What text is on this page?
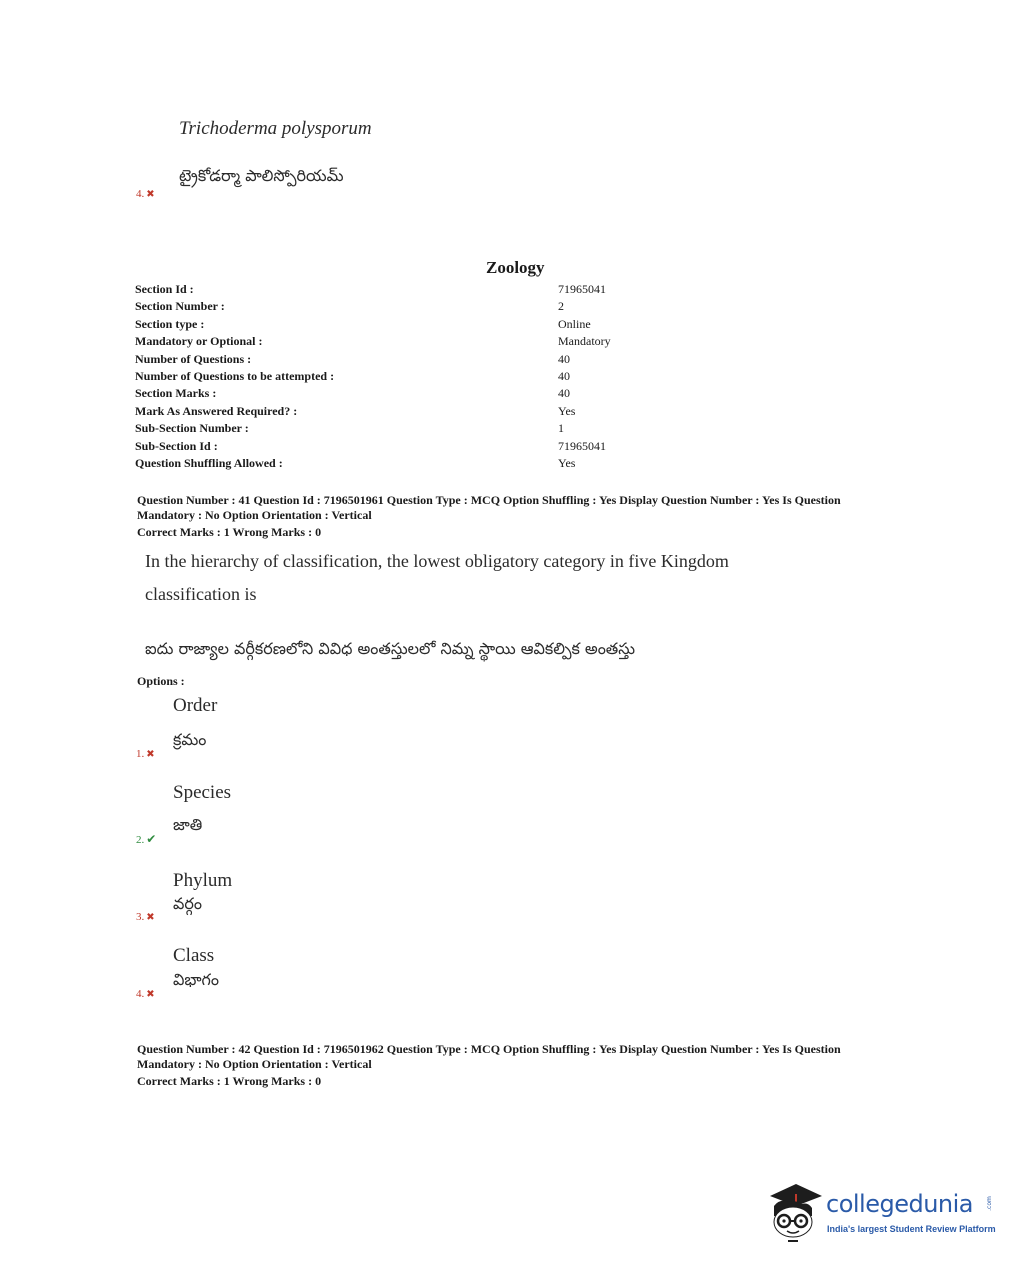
Trichoderma polysporum
ట్రైకోడర్మా పాలిస్పోరియమ్
4. ✖
Zoology
Section Id :	71965041
Section Number :	2
Section type :	Online
Mandatory or Optional :	Mandatory
Number of Questions :	40
Number of Questions to be attempted :	40
Section Marks :	40
Mark As Answered Required? :	Yes
Sub-Section Number :	1
Sub-Section Id :	71965041
Question Shuffling Allowed :	Yes
Question Number : 41 Question Id : 7196501961 Question Type : MCQ Option Shuffling : Yes Display Question Number : Yes Is Question
Mandatory : No Option Orientation : Vertical
Correct Marks : 1 Wrong Marks : 0
In the hierarchy of classification, the lowest obligatory category in five Kingdom
classification is
ఐదు రాజ్యాల వర్గీకరణలోని వివిధ అంతస్తులలో నిమ్న స్థాయి ఆవికల్పిక అంతస్తు
Options :
Order
క్రమం
1. ✖
Species
జాతి
2. ✔
Phylum
వర్గం
3. ✖
Class
విభాగం
4. ✖
Question Number : 42 Question Id : 7196501962 Question Type : MCQ Option Shuffling : Yes Display Question Number : Yes Is Question
Mandatory : No Option Orientation : Vertical
Correct Marks : 1 Wrong Marks : 0
collegedunia .com
India's largest Student Review Platform
